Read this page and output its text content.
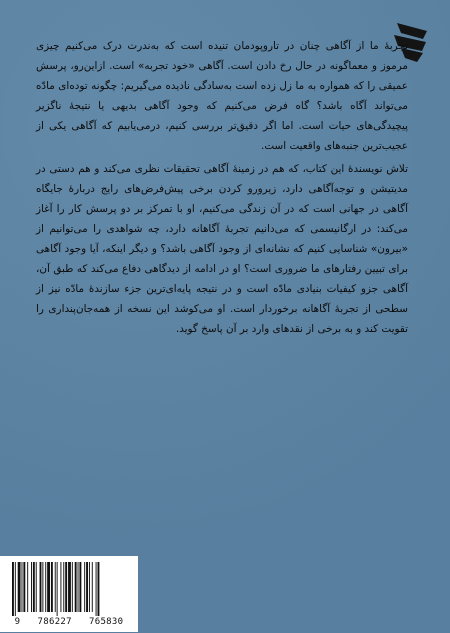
تجربهٔ ما از آگاهی چنان در تاروپودمان تنیده است که به‌ندرت درک می‌کنیم چیزی مرموز و معماگونه در حال رخ دادن است. آگاهی «خود تجربه» است. ازاین‌رو، پرسش عمیقی را که همواره به ما زل زده است به‌سادگی نادیده می‌گیریم: چگونه توده‌ای مادّه می‌تواند آگاه باشد؟ گاه فرض می‌کنیم که وجود آگاهی بدیهی یا نتیجهٔ ناگزیر پیچیدگی‌های حیات است. اما اگر دقیق‌تر بررسی کنیم، درمی‌یابیم که آگاهی یکی از عجیب‌ترین جنبه‌های واقعیت است.

تلاش نویسندهٔ این کتاب، که هم در زمینهٔ آگاهی تحقیقات نظری می‌کند و هم دستی در مدیتیشن و توجه‌آگاهی دارد، زیرورو کردن برخی پیش‌فرض‌های رایج دربارهٔ جایگاه آگاهی در جهانی است که در آن زندگی می‌کنیم، او با تمرکز بر دو پرسش کار را آغاز می‌کند: در ارگانیسمی که می‌دانیم تجربهٔ آگاهانه دارد، چه شواهدی را می‌توانیم از «بیرون» شناسایی کنیم که نشانه‌ای از وجود آگاهی باشد؟ و دیگر اینکه، آیا وجود آگاهی برای تبیین رفتارهای ما ضروری است؟ او در ادامه از دیدگاهی دفاع می‌کند که طبق آن، آگاهی جزو کیفیات بنیادی مادّه است و در نتیجه پایه‌ای‌ترین جزء سازندهٔ مادّه نیز از سطحی از تجربهٔ آگاهانه برخوردار است. او می‌کوشد این نسخه از همه‌جان‌پنداری را تقویت کند و به برخی از نقدهای وارد بر آن پاسخ گوید.

9   786227   765830
